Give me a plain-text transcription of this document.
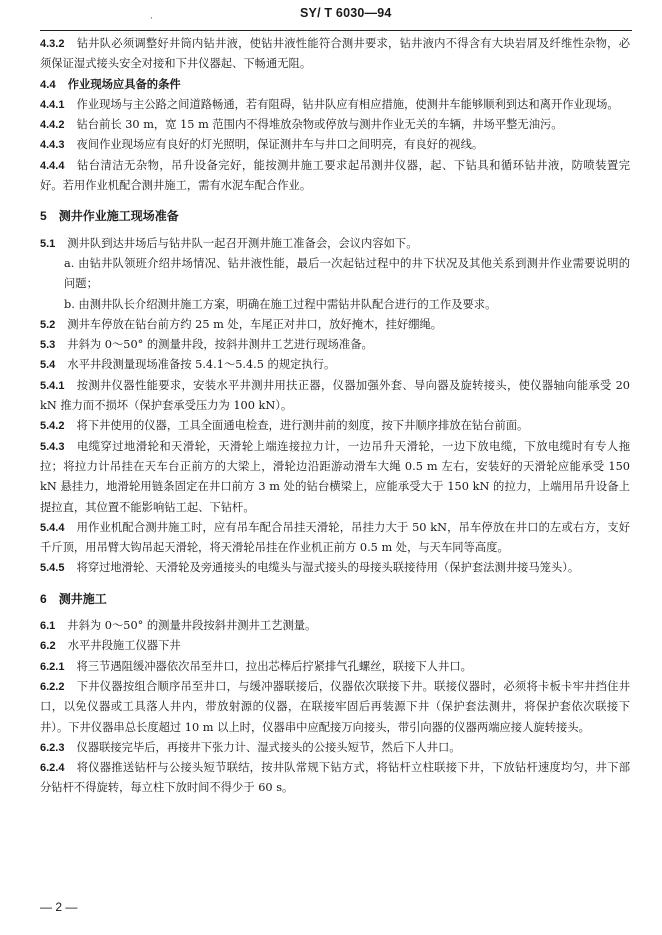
·	SY/ T 6030—94

4.3.2 钻井队必须调整好井筒内钻井液，使钻井液性能符合测井要求，钻井液内不得含有大块岩屑及纤维性杂物，必须保证湿式接头安全对接和下井仪器起、下畅通无阻。

4.4 作业现场应具备的条件

4.4.1 作业现场与主公路之间道路畅通，若有阻碍，钻井队应有相应措施，使测井车能够顺利到达和离开作业现场。

4.4.2 钻台前长 30 m，宽 15 m 范围内不得堆放杂物或停放与测井作业无关的车辆，井场平整无油污。

4.4.3 夜间作业现场应有良好的灯光照明，保证测井车与井口之间明亮，有良好的视线。

4.4.4 钻台清洁无杂物，吊升设备完好，能按测井施工要求起吊测井仪器，起、下钻具和循环钻井液，防喷装置完好。若用作业机配合测井施工，需有水泥车配合作业。

5 测井作业施工现场准备

5.1 测井队到达井场后与钻井队一起召开测井施工准备会，会议内容如下。

a. 由钻井队领班介绍井场情况、钻井液性能，最后一次起钻过程中的井下状况及其他关系到测井作业需要说明的问题；

b. 由测井队长介绍测井施工方案，明确在施工过程中需钻井队配合进行的工作及要求。

5.2 测井车停放在钻台前方约 25 m 处，车尾正对井口，放好掩木，挂好绷绳。

5.3 井斜为 0～50° 的测量井段，按斜井测井工艺进行现场准备。

5.4 水平井段测量现场准备按 5.4.1～5.4.5 的规定执行。

5.4.1 按测井仪器性能要求，安装水平井测井用扶正器，仪器加强外套、导向器及旋转接头，使仪器轴向能承受 20 kN 推力而不损坏（保护套承受压力为 100 kN）。

5.4.2 将下井使用的仪器，工具全面通电检查，进行测井前的刻度，按下井顺序排放在钻台前面。

5.4.3 电缆穿过地滑轮和天滑轮，天滑轮上端连接拉力计，一边吊升天滑轮，一边下放电缆，下放电缆时有专人拖拉；将拉力计吊挂在天车台正前方的大梁上，滑轮边沿距游动滑车大绳 0.5 m 左右，安装好的天滑轮应能承受 150 kN 悬挂力，地滑轮用链条固定在井口前方 3 m 处的钻台横梁上，应能承受大于 150 kN 的拉力，上端用吊升设备上提拉直，其位置不能影响钻工起、下钻杆。

5.4.4 用作业机配合测井施工时，应有吊车配合吊挂天滑轮，吊挂力大于 50 kN，吊车停放在井口的左或右方，支好千斤顶，用吊臂大钩吊起天滑轮，将天滑轮吊挂在作业机正前方 0.5 m 处，与天车同等高度。

5.4.5 将穿过地滑轮、天滑轮及旁通接头的电缆头与湿式接头的母接头联接待用（保护套法测井接马笼头）。

6 测井施工

6.1 井斜为 0～50° 的测量井段按斜井测井工艺测量。

6.2 水平井段施工仪器下井

6.2.1 将三节遇阻缓冲器依次吊至井口，拉出芯棒后拧紧排气孔螺丝，联接下人井口。

6.2.2 下井仪器按组合顺序吊至井口，与缓冲器联接后，仪器依次联接下井。联接仪器时，必须将卡板卡牢井挡住井口，以免仪器或工具落人井内，带放射源的仪器，在联接牢固后再装源下井（保护套法测井，将保护套依次联接下井）。下井仪器串总长度超过 10 m 以上时，仪器串中应配接万向接头，带引向器的仪器两端应接人旋转接头。

6.2.3 仪器联接完毕后，再接井下张力计、湿式接头的公接头短节，然后下人井口。

6.2.4 将仪器推送钻杆与公接头短节联结，按井队常规下钻方式，将钻杆立柱联接下井，下放钻杆速度均匀，井下部分钻杆不得旋转，每立柱下放时间不得少于 60 s。

— 2 —
